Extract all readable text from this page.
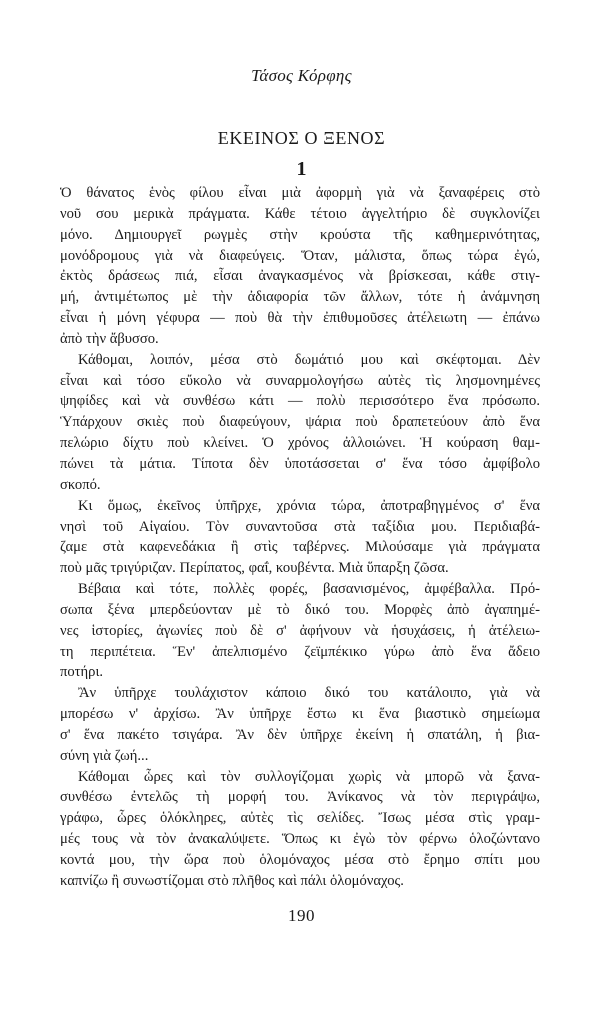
Τάσος Κόρφης
ΕΚΕΙΝΟΣ Ο ΞΕΝΟΣ
1
Ὁ θάνατος ἑνὸς φίλου εἶναι μιὰ ἀφορμὴ γιὰ νὰ ξαναφέρεις στὸ
νοῦ σου μερικὰ πράγματα. Κάθε τέτοιο ἀγγελτήριο δὲ συγκλονίζει
μόνο. Δημιουργεῖ ρωγμὲς στὴν κρούστα τῆς καθημερινότητας,
μονόδρομους γιὰ νὰ διαφεύγεις. Ὅταν, μάλιστα, ὅπως τώρα ἐγώ,
ἐκτὸς δράσεως πιά, εἶσαι ἀναγκασμένος νὰ βρίσκεσαι, κάθε στιγ-
μή, ἀντιμέτωπος μὲ τὴν ἀδιαφορία τῶν ἄλλων, τότε ἡ ἀνάμνηση
εἶναι ἡ μόνη γέφυρα — ποὺ θὰ τὴν ἐπιθυμοῦσες ἀτέλειωτη — ἐπάνω
ἀπὸ τὴν ἄβυσσο.
Κάθομαι, λοιπόν, μέσα στὸ δωμάτιό μου καὶ σκέφτομαι. Δὲν
εἶναι καὶ τόσο εὔκολο νὰ συναρμολογήσω αὐτὲς τὶς λησμονημένες
ψηφίδες καὶ νὰ συνθέσω κάτι — πολὺ περισσότερο ἕνα πρόσωπο.
Ὑπάρχουν σκιὲς ποὺ διαφεύγουν, ψάρια ποὺ δραπετεύουν ἀπὸ ἕνα
πελώριο δίχτυ ποὺ κλείνει. Ὁ χρόνος ἀλλοιώνει. Ἡ κούραση θαμ-
πώνει τὰ μάτια. Τίποτα δὲν ὑποτάσσεται σ' ἕνα τόσο ἀμφίβολο
σκοπό.
Κι ὅμως, ἐκεῖνος ὑπῆρχε, χρόνια τώρα, ἀποτραβηγμένος σ' ἕνα
νησὶ τοῦ Αἰγαίου. Τὸν συναντοῦσα στὰ ταξίδια μου. Περιδιαβά-
ζαμε στὰ καφενεδάκια ἢ στὶς ταβέρνες. Μιλούσαμε γιὰ πράγματα
ποὺ μᾶς τριγύριζαν. Περίπατος, φαΐ, κουβέντα. Μιὰ ὕπαρξη ζῶσα.
Βέβαια καὶ τότε, πολλὲς φορές, βασανισμένος, ἀμφέβαλλα. Πρό-
σωπα ξένα μπερδεύονταν μὲ τὸ δικό του. Μορφὲς ἀπὸ ἀγαπημέ-
νες ἱστορίες, ἀγωνίες ποὺ δὲ σ' ἀφήνουν νὰ ἡσυχάσεις, ἡ ἀτέλειω-
τη περιπέτεια. Ἕν' ἀπελπισμένο ζεϊμπέκικο γύρω ἀπὸ ἕνα ἄδειο
ποτήρι.
Ἂν ὑπῆρχε τουλάχιστον κάποιο δικό του κατάλοιπο, γιὰ νὰ
μπορέσω ν' ἀρχίσω. Ἂν ὑπῆρχε ἔστω κι ἕνα βιαστικὸ σημείωμα
σ' ἕνα πακέτο τσιγάρα. Ἂν δὲν ὑπῆρχε ἐκείνη ἡ σπατάλη, ἡ βια-
σύνη γιὰ ζωή...
Κάθομαι ὧρες καὶ τὸν συλλογίζομαι χωρὶς νὰ μπορῶ νὰ ξανα-
συνθέσω ἐντελῶς τὴ μορφή του. Ἀνίκανος νὰ τὸν περιγράψω,
γράφω, ὧρες ὁλόκληρες, αὐτὲς τὶς σελίδες. Ἴσως μέσα στὶς γραμ-
μές τους νὰ τὸν ἀνακαλύψετε. Ὅπως κι ἐγὼ τὸν φέρνω ὁλοζώντανο
κοντά μου, τὴν ὥρα ποὺ ὁλομόναχος μέσα στὸ ἔρημο σπίτι μου
καπνίζω ἢ συνωστίζομαι στὸ πλῆθος καὶ πάλι ὁλομόναχος.
190
